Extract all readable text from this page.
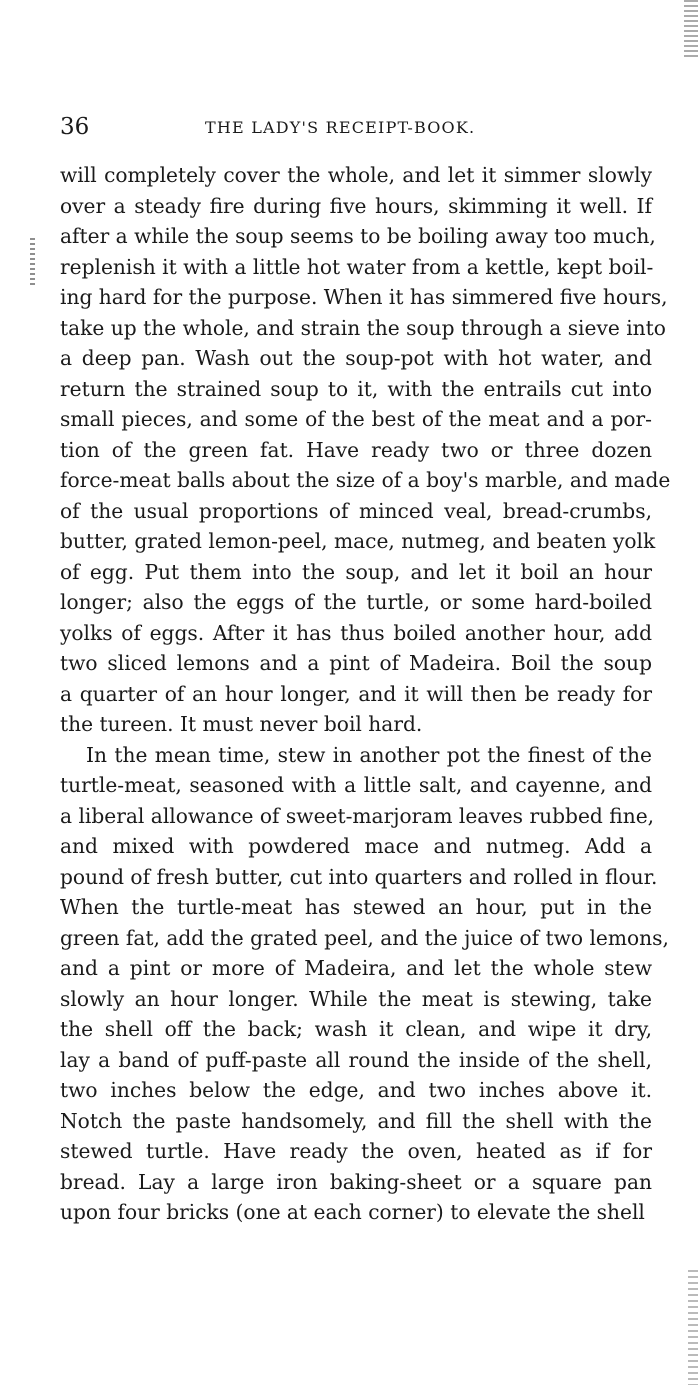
36	THE LADY'S RECEIPT-BOOK.
will completely cover the whole, and let it simmer slowly
over a steady fire during five hours, skimming it well. If
after a while the soup seems to be boiling away too much,
replenish it with a little hot water from a kettle, kept boil-
ing hard for the purpose. When it has simmered five hours,
take up the whole, and strain the soup through a sieve into
a deep pan. Wash out the soup-pot with hot water, and
return the strained soup to it, with the entrails cut into
small pieces, and some of the best of the meat and a por-
tion of the green fat. Have ready two or three dozen
force-meat balls about the size of a boy's marble, and made
of the usual proportions of minced veal, bread-crumbs,
butter, grated lemon-peel, mace, nutmeg, and beaten yolk
of egg. Put them into the soup, and let it boil an hour
longer; also the eggs of the turtle, or some hard-boiled
yolks of eggs. After it has thus boiled another hour, add
two sliced lemons and a pint of Madeira. Boil the soup
a quarter of an hour longer, and it will then be ready for
the tureen. It must never boil hard.
In the mean time, stew in another pot the finest of the
turtle-meat, seasoned with a little salt, and cayenne, and
a liberal allowance of sweet-marjoram leaves rubbed fine,
and mixed with powdered mace and nutmeg. Add a
pound of fresh butter, cut into quarters and rolled in flour.
When the turtle-meat has stewed an hour, put in the
green fat, add the grated peel, and the juice of two lemons,
and a pint or more of Madeira, and let the whole stew
slowly an hour longer. While the meat is stewing, take
the shell off the back; wash it clean, and wipe it dry,
lay a band of puff-paste all round the inside of the shell,
two inches below the edge, and two inches above it.
Notch the paste handsomely, and fill the shell with the
stewed turtle. Have ready the oven, heated as if for
bread. Lay a large iron baking-sheet or a square pan
upon four bricks (one at each corner) to elevate the shell
